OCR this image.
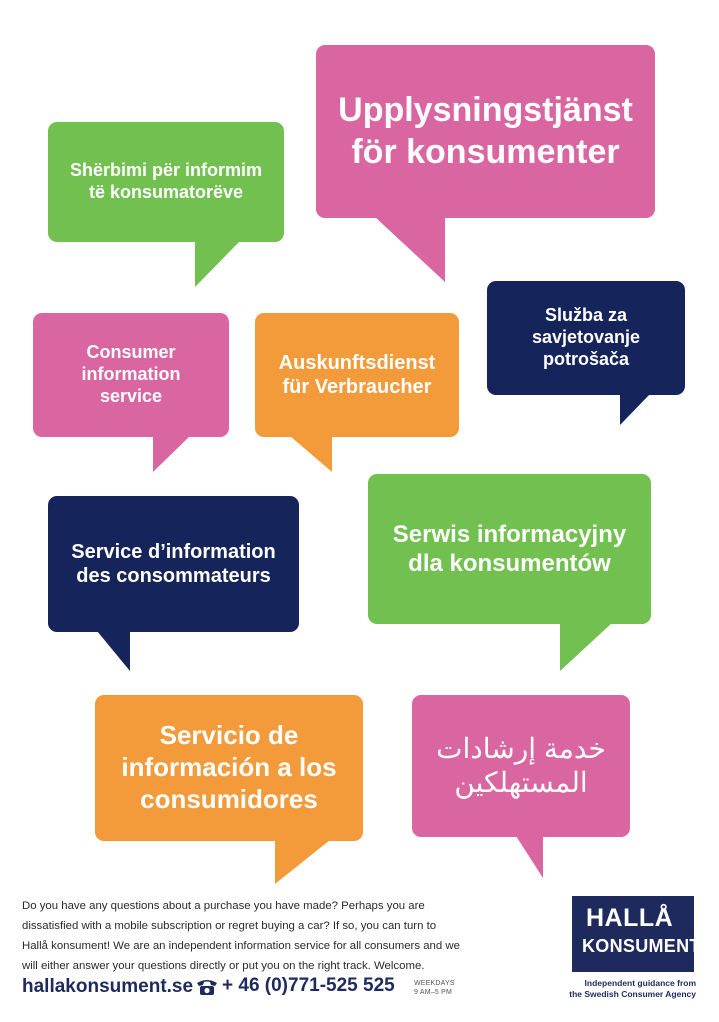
Shërbimi për informim
të konsumatorëve
Upplysningstjänst
för konsumenter
Consumer
information
service
Auskunftsdienst
für Verbraucher
Služba za
savjetovanje
potrošača
Service d’information
des consommateurs
Serwis informacyjny
dla konsumentów
Servicio de
información a los
consumidores
خدمة إرشادات
المستهلكين
Do you have any questions about a purchase you have made? Perhaps you are dissatisfied with a mobile subscription or regret buying a car? If so, you can turn to Hallå konsument! We are an independent information service for all consumers and we will either answer your questions directly or put you on the right track. Welcome.
hallakonsument.se + 46 (0)771-525 525	WEEKDAYS
9 AM–5 PM
HALLÅ
KONSUMENT!
Independent guidance from
the Swedish Consumer Agency
